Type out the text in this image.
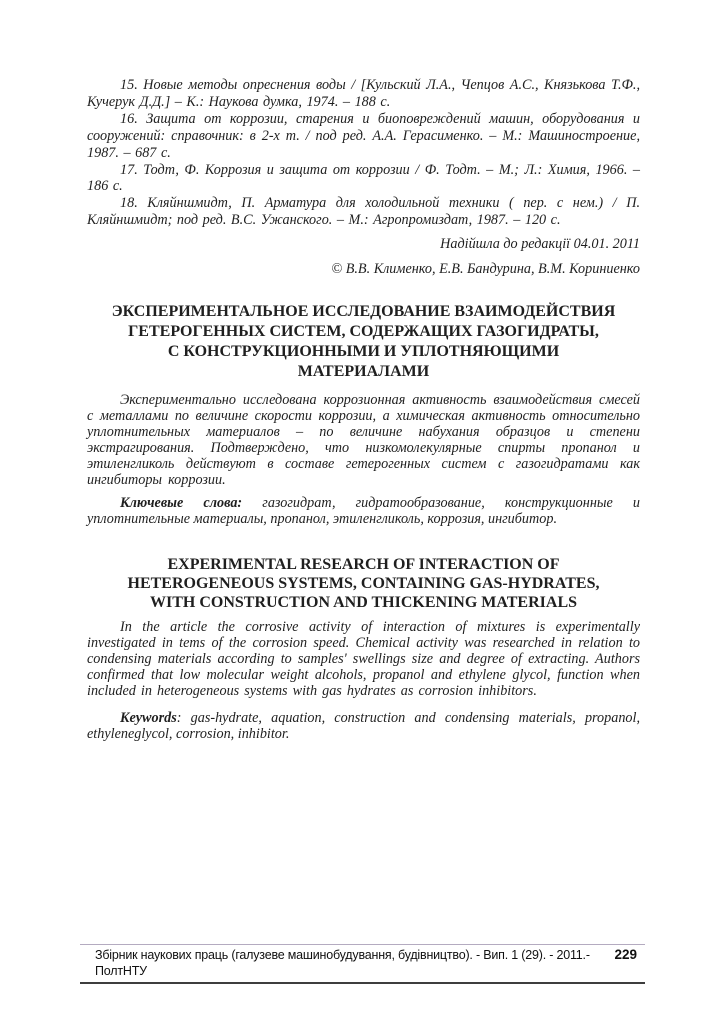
15. Новые методы опреснения воды / [Кульский Л.А., Чепцов А.С., Князькова Т.Ф., Кучерук Д.Д.] – К.: Наукова думка, 1974. – 188 с.

16. Защита от коррозии, старения и биоповреждений машин, оборудования и сооружений: справочник: в 2-х т. / под ред. А.А. Герасименко. – М.: Машиностроение, 1987. – 687 с.

17. Тодт, Ф. Коррозия и защита от коррозии / Ф. Тодт. – М.; Л.: Химия, 1966. – 186 с.

18. Кляйншмидт, П. Арматура для холодильной техники ( пер. с нем.) / П. Кляйншмидт; под ред. В.С. Ужанского. – М.: Агропромиздат, 1987. – 120 с.

Надійшла до редакції 04.01. 2011

© В.В. Клименко, Е.В. Бандурина, В.М. Кориниенко

ЭКСПЕРИМЕНТАЛЬНОЕ ИССЛЕДОВАНИЕ ВЗАИМОДЕЙСТВИЯ
ГЕТЕРОГЕННЫХ СИСТЕМ, СОДЕРЖАЩИХ ГАЗОГИДРАТЫ,
С КОНСТРУКЦИОННЫМИ И УПЛОТНЯЮЩИМИ
МАТЕРИАЛАМИ

Экспериментально исследована коррозионная активность взаимодействия смесей с металлами по величине скорости коррозии, а химическая активность относительно уплотнительных материалов – по величине набухания образцов и степени экстрагирования. Подтверждено, что низкомолекулярные спирты пропанол и этиленгликоль действуют в составе гетерогенных систем с газогидратами как ингибиторы коррозии.

Ключевые слова: газогидрат, гидратообразование, конструкционные и уплотнительные материалы, пропанол, этиленгликоль, коррозия, ингибитор.

EXPERIMENTAL RESEARCH OF INTERACTION OF
HETEROGENEOUS SYSTEMS, CONTAINING GAS-HYDRATES,
WITH CONSTRUCTION AND THICKENING MATERIALS

In the article the corrosive activity of interaction of mixtures is experimentally investigated in tems of the corrosion speed. Chemical activity was researched in relation to condensing materials according to samples' swellings size and degree of extracting. Authors confirmed that low molecular weight alcohols, propanol and ethylene glycol, function when included in heterogeneous systems with gas hydrates as corrosion inhibitors.

Keywords: gas-hydrate, aquation, construction and condensing materials, propanol, ethyleneglycol, corrosion, inhibitor.

Збірник наукових праць (галузеве машинобудування, будівництво). - Вип. 1 (29). - 2011.-ПолтНТУ
229
